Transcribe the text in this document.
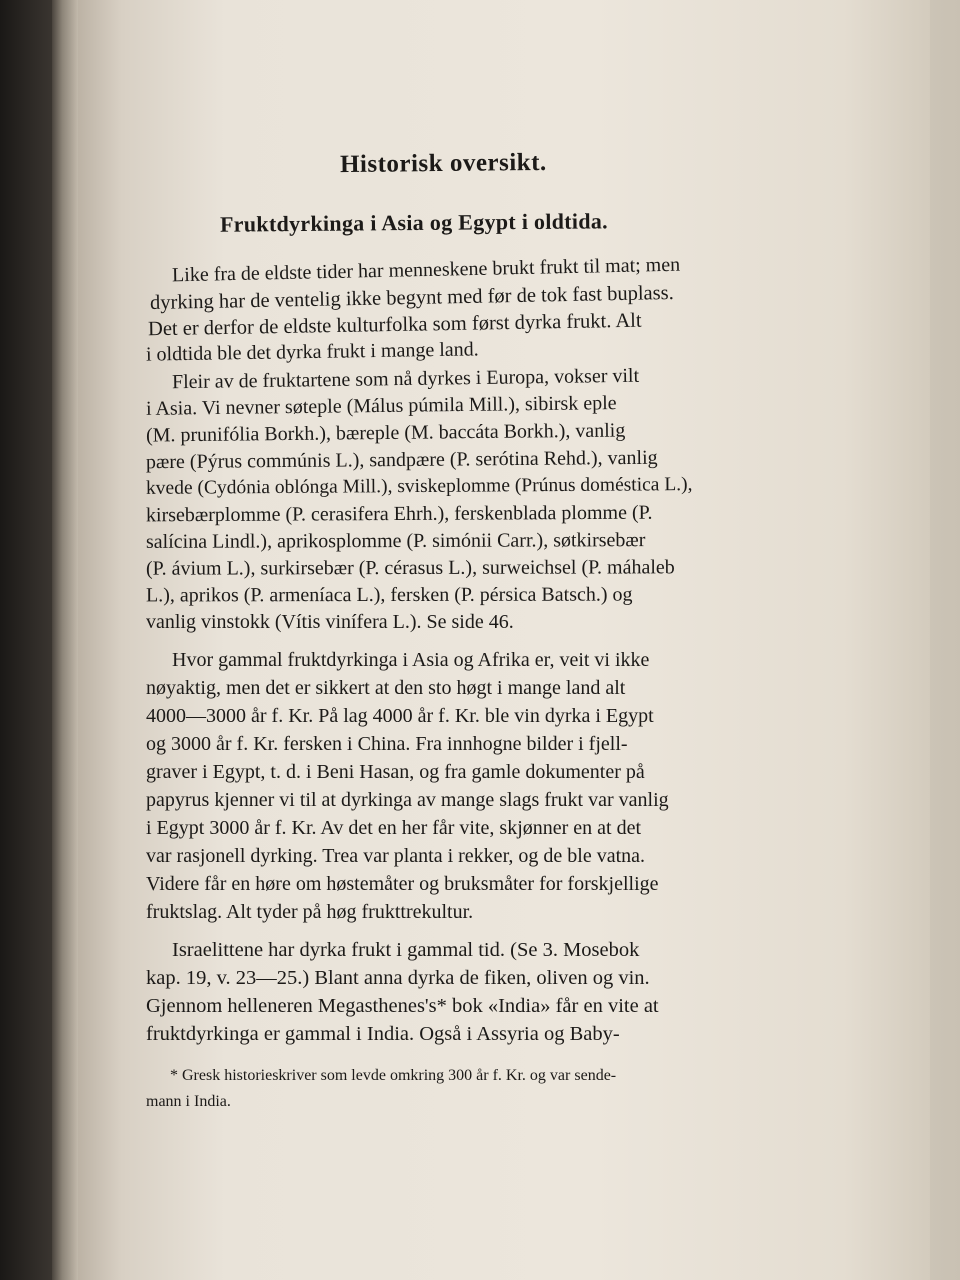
Historisk oversikt.
Fruktdyrkinga i Asia og Egypt i oldtida.
Like fra de eldste tider har menneskene brukt frukt til mat; men
dyrking har de ventelig ikke begynt med før de tok fast buplass.
Det er derfor de eldste kulturfolka som først dyrka frukt. Alt
i oldtida ble det dyrka frukt i mange land.
Fleir av de fruktartene som nå dyrkes i Europa, vokser vilt
i Asia. Vi nevner søteple (Málus púmila Mill.), sibirsk eple
(M. prunifólia Borkh.), bæreple (M. baccáta Borkh.), vanlig
pære (Pýrus commúnis L.), sandpære (P. serótina Rehd.), vanlig
kvede (Cydónia oblónga Mill.), sviskeplomme (Prúnus doméstica L.),
kirsebærplomme (P. cerasifera Ehrh.), ferskenblada plomme (P.
salícina Lindl.), aprikosplomme (P. simónii Carr.), søtkirsebær
(P. ávium L.), surkirsebær (P. cérasus L.), surweichsel (P. máhaleb
L.), aprikos (P. armeníaca L.), fersken (P. pérsica Batsch.) og
vanlig vinstokk (Vítis vinífera L.). Se side 46.
Hvor gammal fruktdyrkinga i Asia og Afrika er, veit vi ikke
nøyaktig, men det er sikkert at den sto høgt i mange land alt
4000—3000 år f. Kr. På lag 4000 år f. Kr. ble vin dyrka i Egypt
og 3000 år f. Kr. fersken i China. Fra innhogne bilder i fjell-
graver i Egypt, t. d. i Beni Hasan, og fra gamle dokumenter på
papyrus kjenner vi til at dyrkinga av mange slags frukt var vanlig
i Egypt 3000 år f. Kr. Av det en her får vite, skjønner en at det
var rasjonell dyrking. Trea var planta i rekker, og de ble vatna.
Videre får en høre om høstemåter og bruksmåter for forskjellige
fruktslag. Alt tyder på høg frukttrekultur.
Israelittene har dyrka frukt i gammal tid. (Se 3. Mosebok
kap. 19, v. 23—25.) Blant anna dyrka de fiken, oliven og vin.
Gjennom helleneren Megasthenes's* bok «India» får en vite at
fruktdyrkinga er gammal i India. Også i Assyria og Baby-
* Gresk historieskriver som levde omkring 300 år f. Kr. og var sende-
mann i India.
